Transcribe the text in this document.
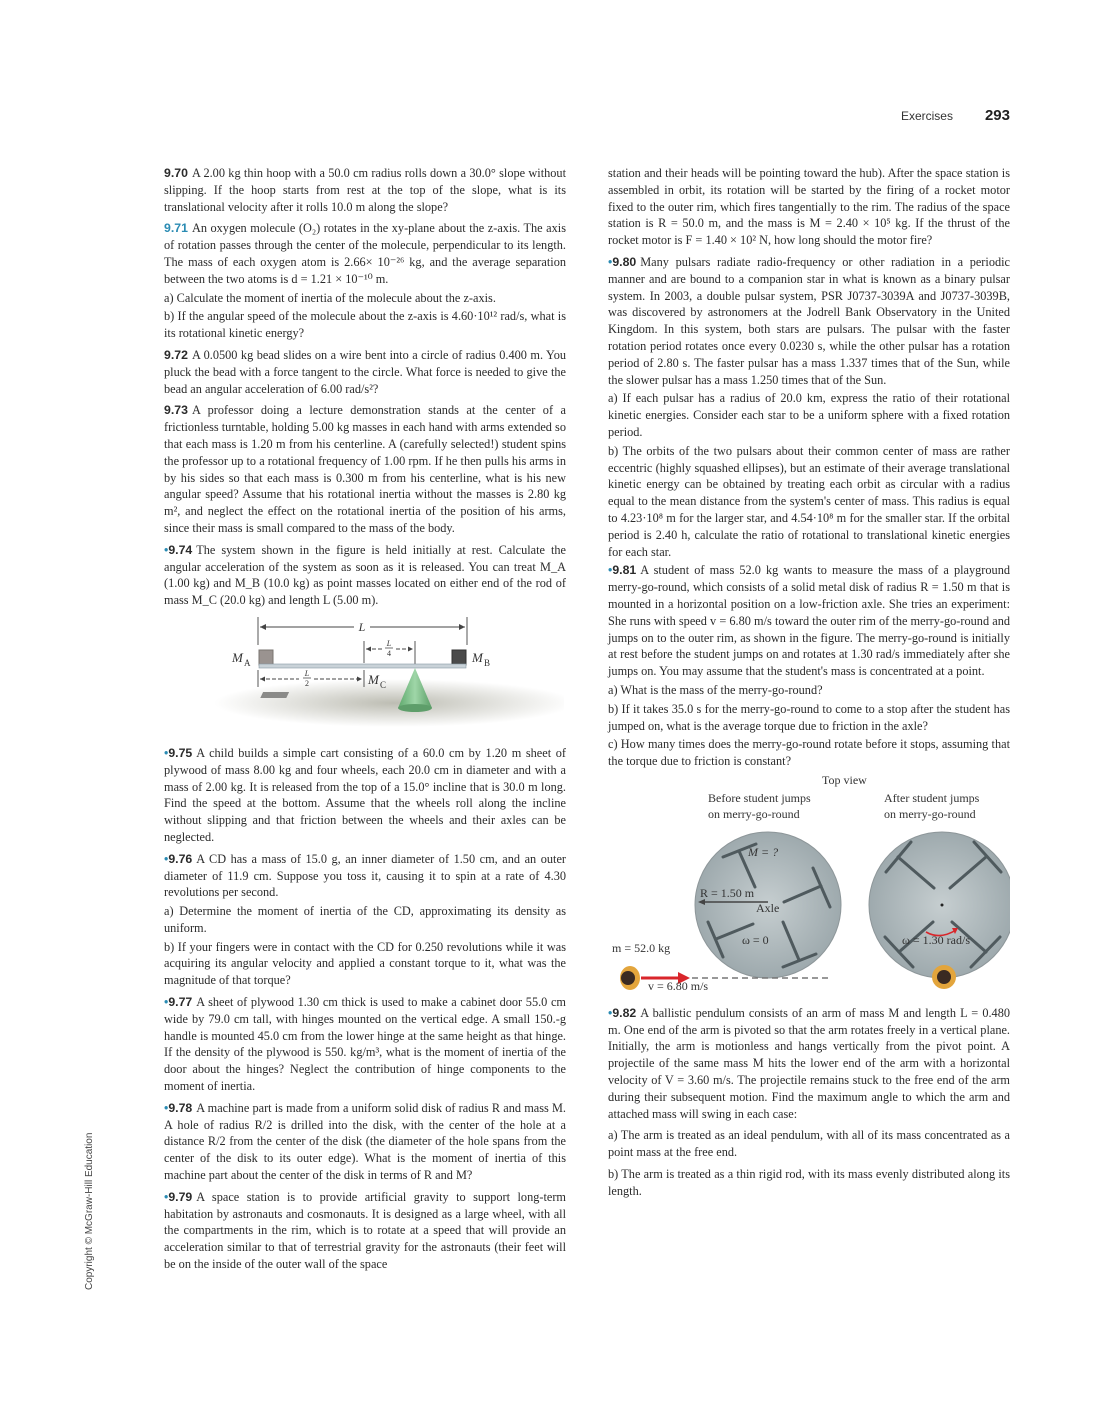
Exercises 293
Copyright © McGraw-Hill Education

9.70 A 2.00 kg thin hoop with a 50.0 cm radius rolls down a 30.0° slope without slipping. If the hoop starts from rest at the top of the slope, what is its translational velocity after it rolls 10.0 m along the slope?

9.71 An oxygen molecule (O₂) rotates in the xy-plane about the z-axis. The axis of rotation passes through the center of the molecule, perpendicular to its length. The mass of each oxygen atom is 2.66× 10⁻²⁶ kg, and the average separation between the two atoms is d = 1.21 × 10⁻¹⁰ m.

a) Calculate the moment of inertia of the molecule about the z-axis.

b) If the angular speed of the molecule about the z-axis is 4.60·10¹² rad/s, what is its rotational kinetic energy?

9.72 A 0.0500 kg bead slides on a wire bent into a circle of radius 0.400 m. You pluck the bead with a force tangent to the circle. What force is needed to give the bead an angular acceleration of 6.00 rad/s²?

9.73 A professor doing a lecture demonstration stands at the center of a frictionless turntable, holding 5.00 kg masses in each hand with arms extended so that each mass is 1.20 m from his centerline. A (carefully selected!) student spins the professor up to a rotational frequency of 1.00 rpm. If he then pulls his arms in by his sides so that each mass is 0.300 m from his centerline, what is his new angular speed? Assume that his rotational inertia without the masses is 2.80 kg m², and neglect the effect on the rotational inertia of the position of his arms, since their mass is small compared to the mass of the body.

•9.74 The system shown in the figure is held initially at rest. Calculate the angular acceleration of the system as soon as it is released. You can treat M_A (1.00 kg) and M_B (10.0 kg) as point masses located on either end of the rod of mass M_C (20.0 kg) and length L (5.00 m).

L
L
4
M A	M B
L
2	M C

•9.75 A child builds a simple cart consisting of a 60.0 cm by 1.20 m sheet of plywood of mass 8.00 kg and four wheels, each 20.0 cm in diameter and with a mass of 2.00 kg. It is released from the top of a 15.0° incline that is 30.0 m long. Find the speed at the bottom. Assume that the wheels roll along the incline without slipping and that friction between the wheels and their axles can be neglected.

•9.76 A CD has a mass of 15.0 g, an inner diameter of 1.50 cm, and an outer diameter of 11.9 cm. Suppose you toss it, causing it to spin at a rate of 4.30 revolutions per second.

a) Determine the moment of inertia of the CD, approximating its density as uniform.

b) If your fingers were in contact with the CD for 0.250 revolutions while it was acquiring its angular velocity and applied a constant torque to it, what was the magnitude of that torque?

•9.77 A sheet of plywood 1.30 cm thick is used to make a cabinet door 55.0 cm wide by 79.0 cm tall, with hinges mounted on the vertical edge. A small 150.-g handle is mounted 45.0 cm from the lower hinge at the same height as that hinge. If the density of the plywood is 550. kg/m³, what is the moment of inertia of the door about the hinges? Neglect the contribution of hinge components to the moment of inertia.

•9.78 A machine part is made from a uniform solid disk of radius R and mass M. A hole of radius R/2 is drilled into the disk, with the center of the hole at a distance R/2 from the center of the disk (the diameter of the hole spans from the center of the disk to its outer edge). What is the moment of inertia of this machine part about the center of the disk in terms of R and M?

•9.79 A space station is to provide artificial gravity to support long-term habitation by astronauts and cosmonauts. It is designed as a large wheel, with all the compartments in the rim, which is to rotate at a speed that will provide an acceleration similar to that of terrestrial gravity for the astronauts (their feet will be on the inside of the outer wall of the space

station and their heads will be pointing toward the hub). After the space station is assembled in orbit, its rotation will be started by the firing of a rocket motor fixed to the outer rim, which fires tangentially to the rim. The radius of the space station is R = 50.0 m, and the mass is M = 2.40 × 10⁵ kg. If the thrust of the rocket motor is F = 1.40 × 10² N, how long should the motor fire?

•9.80 Many pulsars radiate radio-frequency or other radiation in a periodic manner and are bound to a companion star in what is known as a binary pulsar system. In 2003, a double pulsar system, PSR J0737-3039A and J0737-3039B, was discovered by astronomers at the Jodrell Bank Observatory in the United Kingdom. In this system, both stars are pulsars. The pulsar with the faster rotation period rotates once every 0.0230 s, while the other pulsar has a rotation period of 2.80 s. The faster pulsar has a mass 1.337 times that of the Sun, while the slower pulsar has a mass 1.250 times that of the Sun.

a) If each pulsar has a radius of 20.0 km, express the ratio of their rotational kinetic energies. Consider each star to be a uniform sphere with a fixed rotation period.

b) The orbits of the two pulsars about their common center of mass are rather eccentric (highly squashed ellipses), but an estimate of their average translational kinetic energy can be obtained by treating each orbit as circular with a radius equal to the mean distance from the system's center of mass. This radius is equal to 4.23·10⁸ m for the larger star, and 4.54·10⁸ m for the smaller star. If the orbital period is 2.40 h, calculate the ratio of rotational to translational kinetic energies for each star.

•9.81 A student of mass 52.0 kg wants to measure the mass of a playground merry-go-round, which consists of a solid metal disk of radius R = 1.50 m that is mounted in a horizontal position on a low-friction axle. She tries an experiment: She runs with speed v = 6.80 m/s toward the outer rim of the merry-go-round and jumps on to the outer rim, as shown in the figure. The merry-go-round is initially at rest before the student jumps on and rotates at 1.30 rad/s immediately after she jumps on. You may assume that the student's mass is concentrated at a point.

a) What is the mass of the merry-go-round?

b) If it takes 35.0 s for the merry-go-round to come to a stop after the student has jumped on, what is the average torque due to friction in the axle?

c) How many times does the merry-go-round rotate before it stops, assuming that the torque due to friction is constant?

Top view
Before student jumps
on merry-go-round
After student jumps
on merry-go-round
M = ?
R = 1.50 m
Axle
ω = 0	ω = 1.30 rad/s
m = 52.0 kg
v = 6.80 m/s

•9.82 A ballistic pendulum consists of an arm of mass M and length L = 0.480 m. One end of the arm is pivoted so that the arm rotates freely in a vertical plane. Initially, the arm is motionless and hangs vertically from the pivot point. A projectile of the same mass M hits the lower end of the arm with a horizontal velocity of V = 3.60 m/s. The projectile remains stuck to the free end of the arm during their subsequent motion. Find the maximum angle to which the arm and attached mass will swing in each case:

a) The arm is treated as an ideal pendulum, with all of its mass concentrated as a point mass at the free end.

b) The arm is treated as a thin rigid rod, with its mass evenly distributed along its length.
